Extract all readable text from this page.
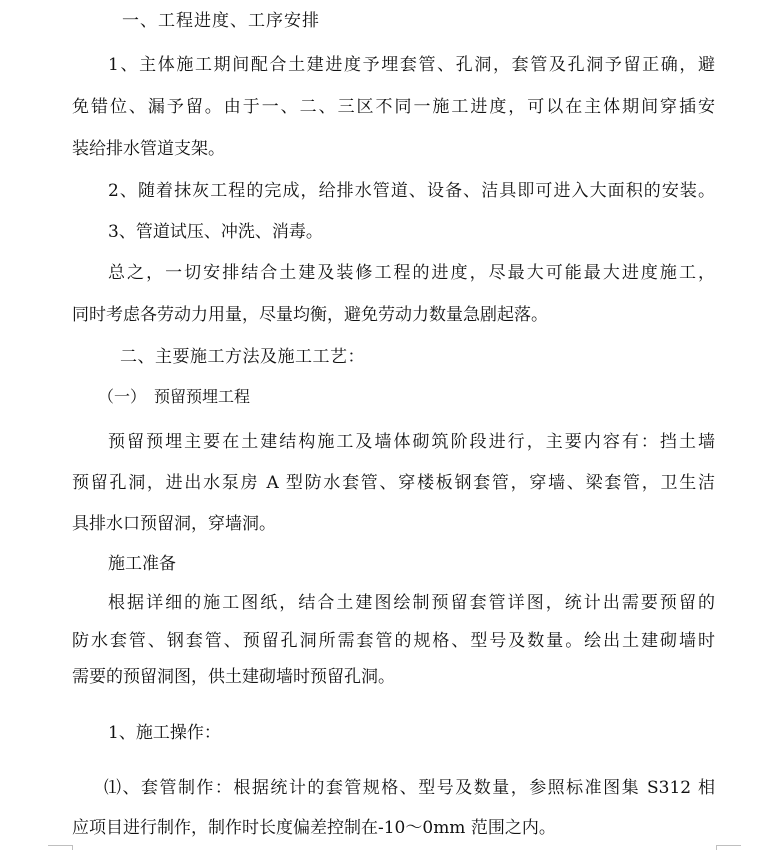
一、工程进度、工序安排
1、主体施工期间配合土建进度予埋套管、孔洞，套管及孔洞予留正确，避
免错位、漏予留。由于一、二、三区不同一施工进度，可以在主体期间穿插安
装给排水管道支架。
2、随着抹灰工程的完成，给排水管道、设备、洁具即可进入大面积的安装。
3、管道试压、冲洗、消毒。
总之，一切安排结合土建及装修工程的进度，尽最大可能最大进度施工，
同时考虑各劳动力用量，尽量均衡，避免劳动力数量急剧起落。
二、主要施工方法及施工工艺：
（一）　预留预埋工程
预留预埋主要在土建结构施工及墙体砌筑阶段进行，主要内容有：挡土墙
预留孔洞，进出水泵房 A 型防水套管、穿楼板钢套管，穿墙、梁套管，卫生洁
具排水口预留洞，穿墙洞。
施工准备
根据详细的施工图纸，结合土建图绘制预留套管详图，统计出需要预留的
防水套管、钢套管、预留孔洞所需套管的规格、型号及数量。绘出土建砌墙时
需要的预留洞图，供土建砌墙时预留孔洞。
1、施工操作：
⑴、套管制作：根据统计的套管规格、型号及数量，参照标准图集 S312 相
应项目进行制作，制作时长度偏差控制在-10～0mm 范围之内。
